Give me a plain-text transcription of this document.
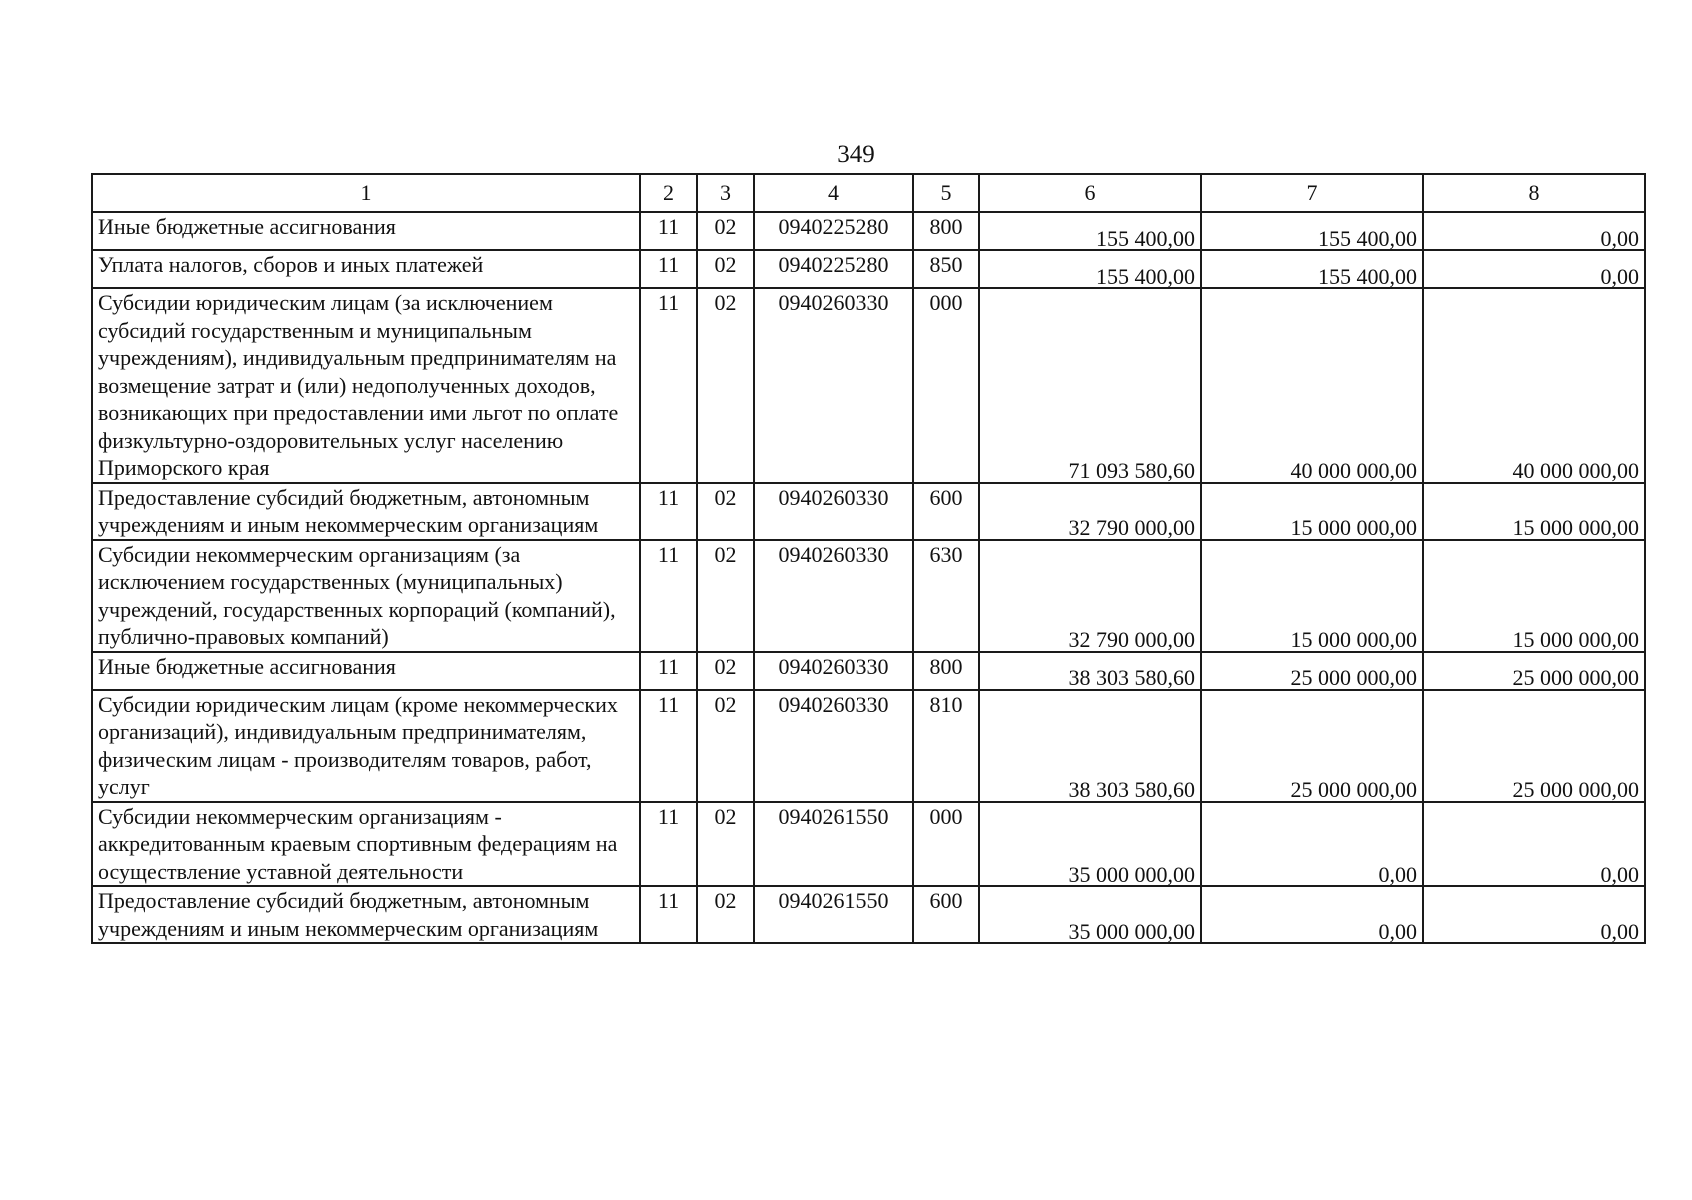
349
1	2	3	4	5	6	7	8
Иные бюджетные ассигнования	11	02	0940225280	800	155 400,00	155 400,00	0,00
Уплата налогов, сборов и иных платежей	11	02	0940225280	850	155 400,00	155 400,00	0,00
Субсидии юридическим лицам (за исключением субсидий государственным и муниципальным учреждениям), индивидуальным предпринимателям на возмещение затрат и (или) недополученных доходов, возникающих при предоставлении ими льгот по оплате физкультурно-оздоровительных услуг населению Приморского края	11	02	0940260330	000	71 093 580,60	40 000 000,00	40 000 000,00
Предоставление субсидий бюджетным, автономным учреждениям и иным некоммерческим организациям	11	02	0940260330	600	32 790 000,00	15 000 000,00	15 000 000,00
Субсидии некоммерческим организациям (за исключением государственных (муниципальных) учреждений, государственных корпораций (компаний), публично-правовых компаний)	11	02	0940260330	630	32 790 000,00	15 000 000,00	15 000 000,00
Иные бюджетные ассигнования	11	02	0940260330	800	38 303 580,60	25 000 000,00	25 000 000,00
Субсидии юридическим лицам (кроме некоммерческих организаций), индивидуальным предпринимателям, физическим лицам - производителям товаров, работ, услуг	11	02	0940260330	810	38 303 580,60	25 000 000,00	25 000 000,00
Субсидии некоммерческим организациям - аккредитованным краевым спортивным федерациям на осуществление уставной деятельности	11	02	0940261550	000	35 000 000,00	0,00	0,00
Предоставление субсидий бюджетным, автономным учреждениям и иным некоммерческим организациям	11	02	0940261550	600	35 000 000,00	0,00	0,00
